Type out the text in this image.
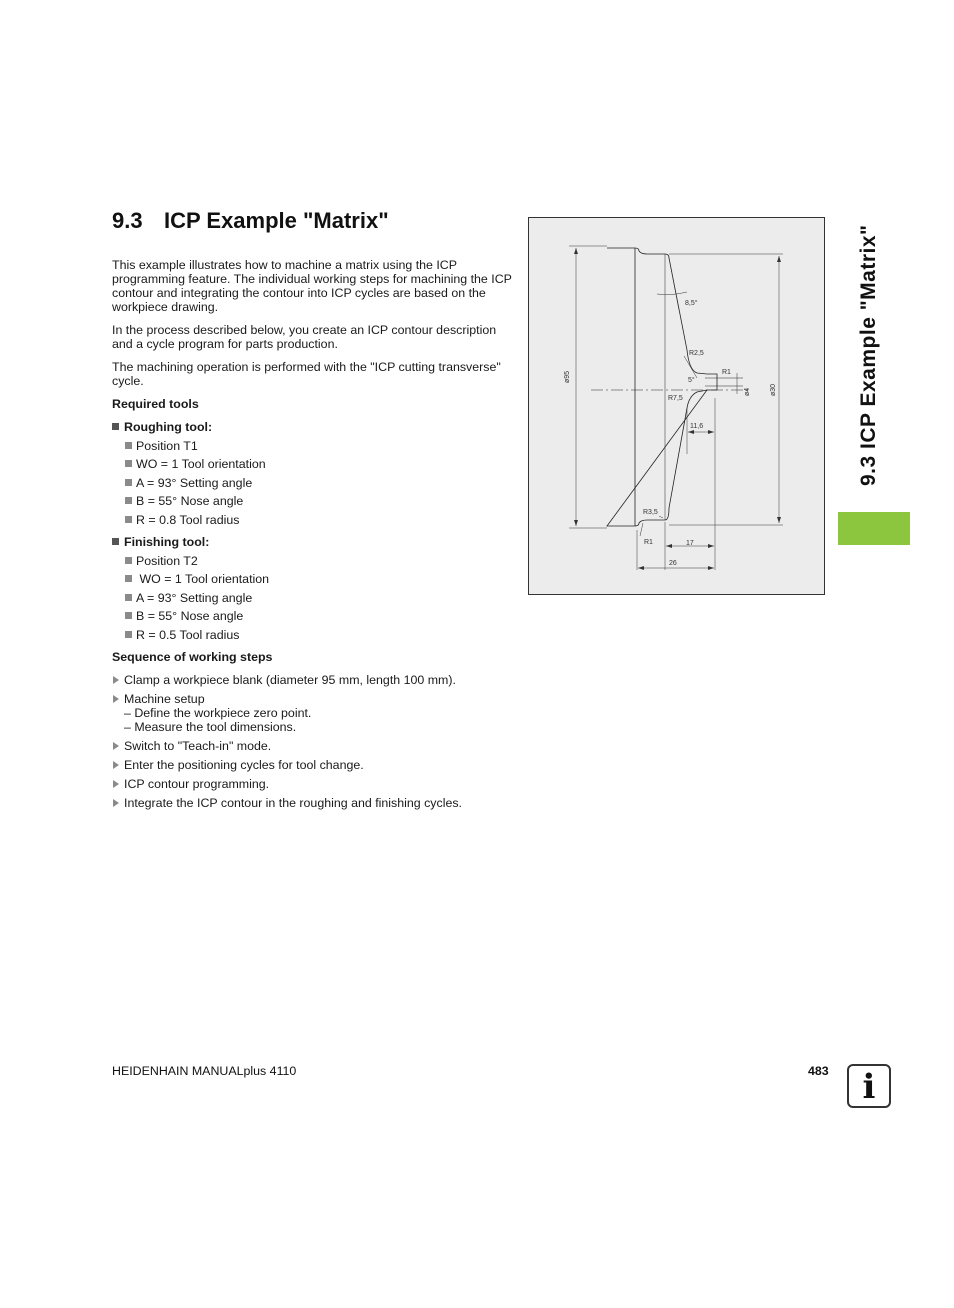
9.3 ICP Example "Matrix"

This example illustrates how to machine a matrix using the ICP programming feature. The individual working steps for machining the ICP contour and integrating the contour into ICP cycles are based on the workpiece drawing.

In the process described below, you create an ICP contour description and a cycle program for parts production.

The machining operation is performed with the "ICP cutting transverse" cycle.

Required tools
Roughing tool:
Position T1
WO = 1 Tool orientation
A = 93° Setting angle
B = 55° Nose angle
R = 0.8 Tool radius
Finishing tool:
Position T2
WO = 1 Tool orientation
A = 93° Setting angle
B = 55° Nose angle
R = 0.5 Tool radius
Sequence of working steps
Clamp a workpiece blank (diameter 95 mm, length 100 mm).
Machine setup
– Define the workpiece zero point.
– Measure the tool dimensions.
Switch to "Teach-in" mode.
Enter the positioning cycles for tool change.
ICP contour programming.
Integrate the ICP contour in the roughing and finishing cycles.
ø95
ø30
ø4
8,5°
R2,5
R1
5°
R7,5
11,6
R3,5
R1	17
26
9.3 ICP Example "Matrix"
HEIDENHAIN MANUALplus 4110	483 i
